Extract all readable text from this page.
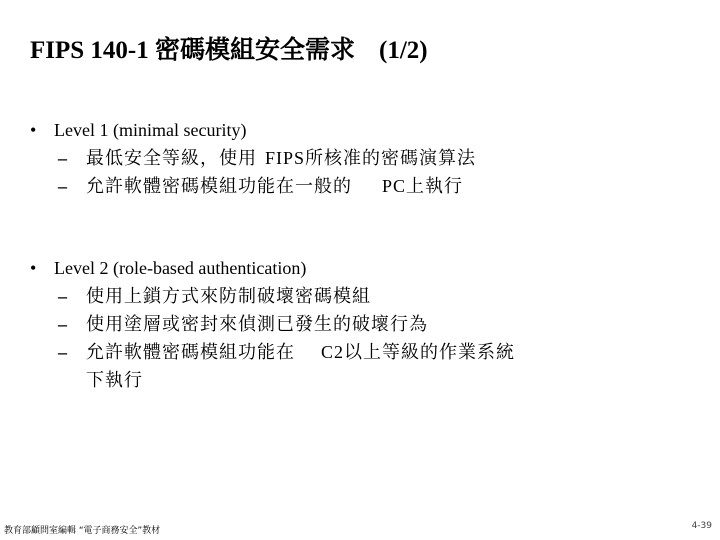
FIPS 140-1 密碼模組安全需求 (1/2)
• Level 1 (minimal security)
–	最低安全等級，使用 FIPS所核准的密碼演算法
–	允許軟體密碼模組功能在一般的 PC上執行
• Level 2 (role-based authentication)
–	使用上鎖方式來防制破壞密碼模組
–	使用塗層或密封來偵測已發生的破壞行為
–	允許軟體密碼模組功能在 C2以上等級的作業系統
下執行
教育部顧問室編輯 “電子商務安全”教材	4-39
